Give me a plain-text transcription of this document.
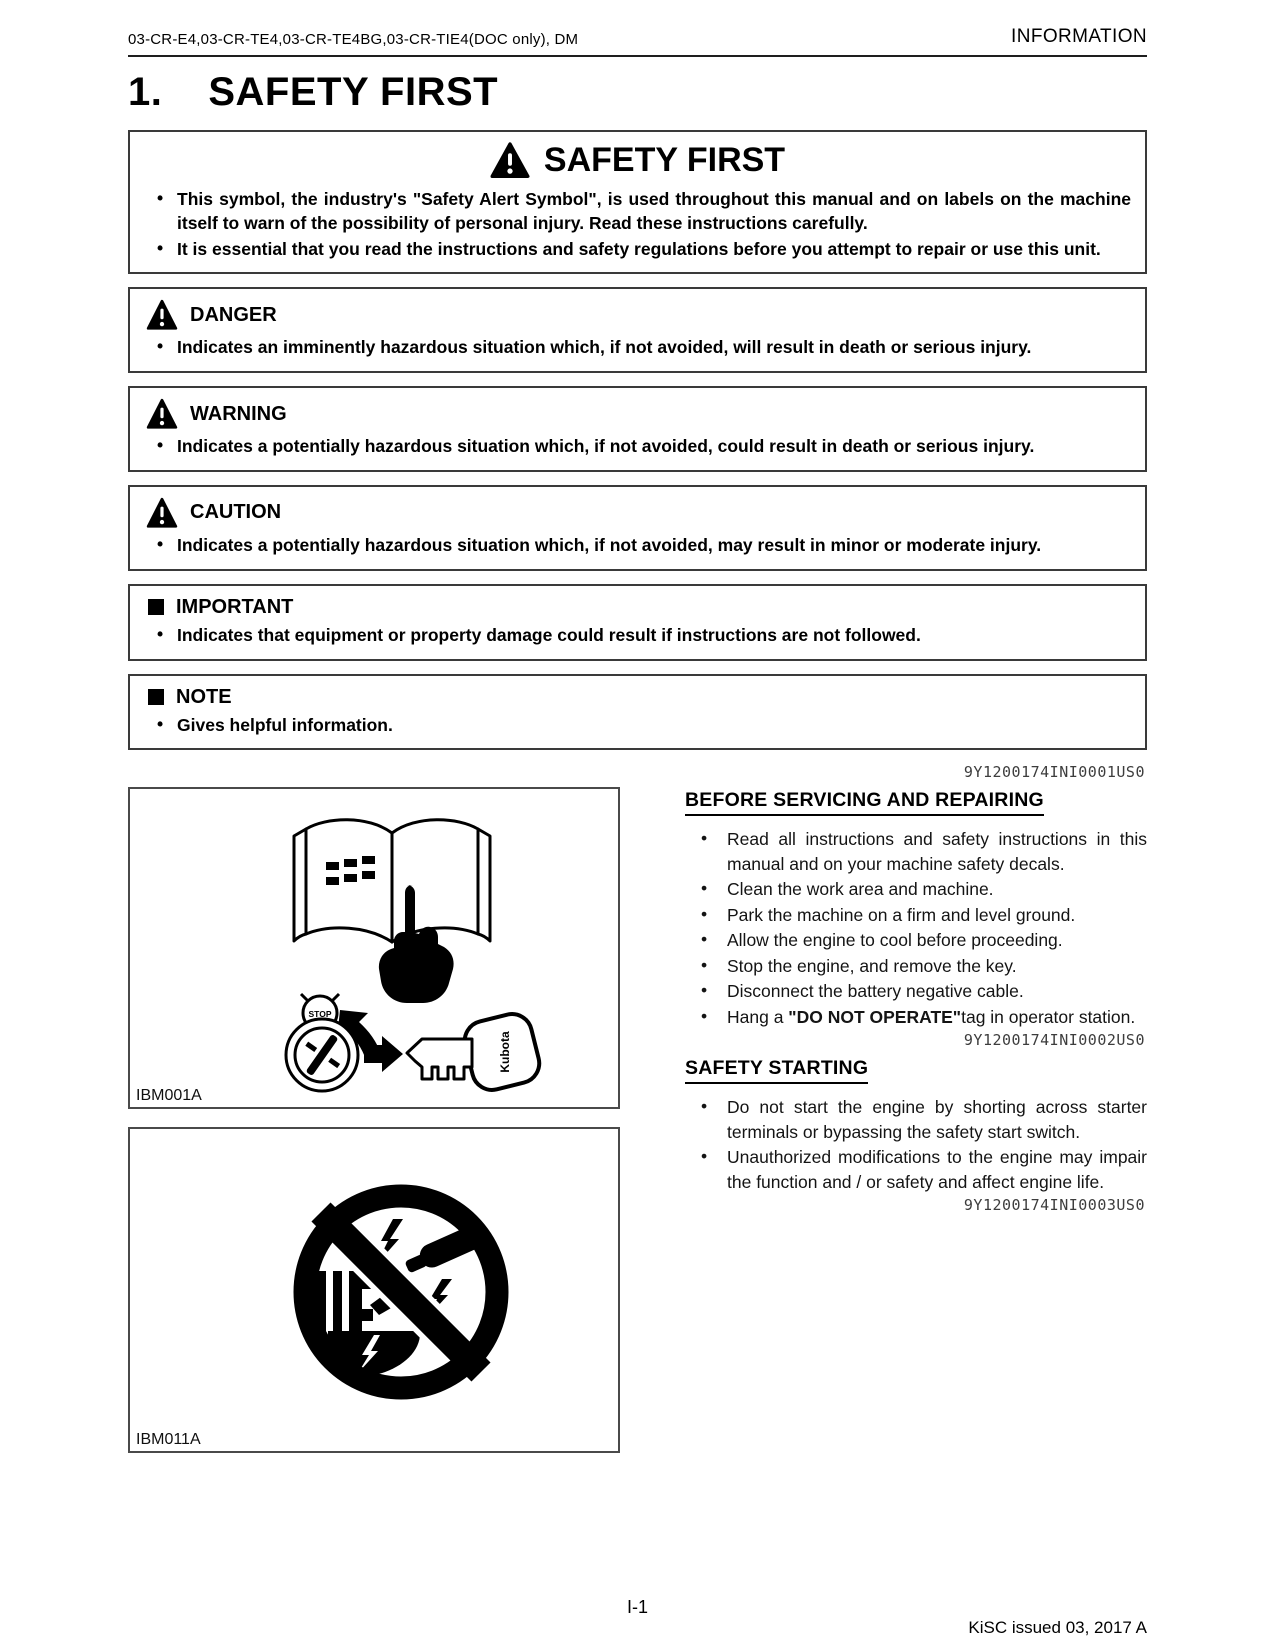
03-CR-E4,03-CR-TE4,03-CR-TE4BG,03-CR-TIE4(DOC only), DM	INFORMATION
1. SAFETY FIRST
SAFETY FIRST
• This symbol, the industry's "Safety Alert Symbol", is used throughout this manual and on labels on the machine itself to warn of the possibility of personal injury. Read these instructions carefully.
• It is essential that you read the instructions and safety regulations before you attempt to repair or use this unit.
DANGER
• Indicates an imminently hazardous situation which, if not avoided, will result in death or serious injury.
WARNING
• Indicates a potentially hazardous situation which, if not avoided, could result in death or serious injury.
CAUTION
• Indicates a potentially hazardous situation which, if not avoided, may result in minor or moderate injury.
IMPORTANT
• Indicates that equipment or property damage could result if instructions are not followed.
NOTE
• Gives helpful information.
9Y1200174INI0001US0
STOP
Kubota
IBM001A
IBM011A
BEFORE SERVICING AND REPAIRING
• Read all instructions and safety instructions in this manual and on your machine safety decals.
• Clean the work area and machine.
• Park the machine on a firm and level ground.
• Allow the engine to cool before proceeding.
• Stop the engine, and remove the key.
• Disconnect the battery negative cable.
• Hang a "DO NOT OPERATE"tag in operator station.
9Y1200174INI0002US0
SAFETY STARTING
• Do not start the engine by shorting across starter terminals or bypassing the safety start switch.
• Unauthorized modifications to the engine may impair the function and / or safety and affect engine life.
9Y1200174INI0003US0
I-1
KiSC issued 03, 2017 A
